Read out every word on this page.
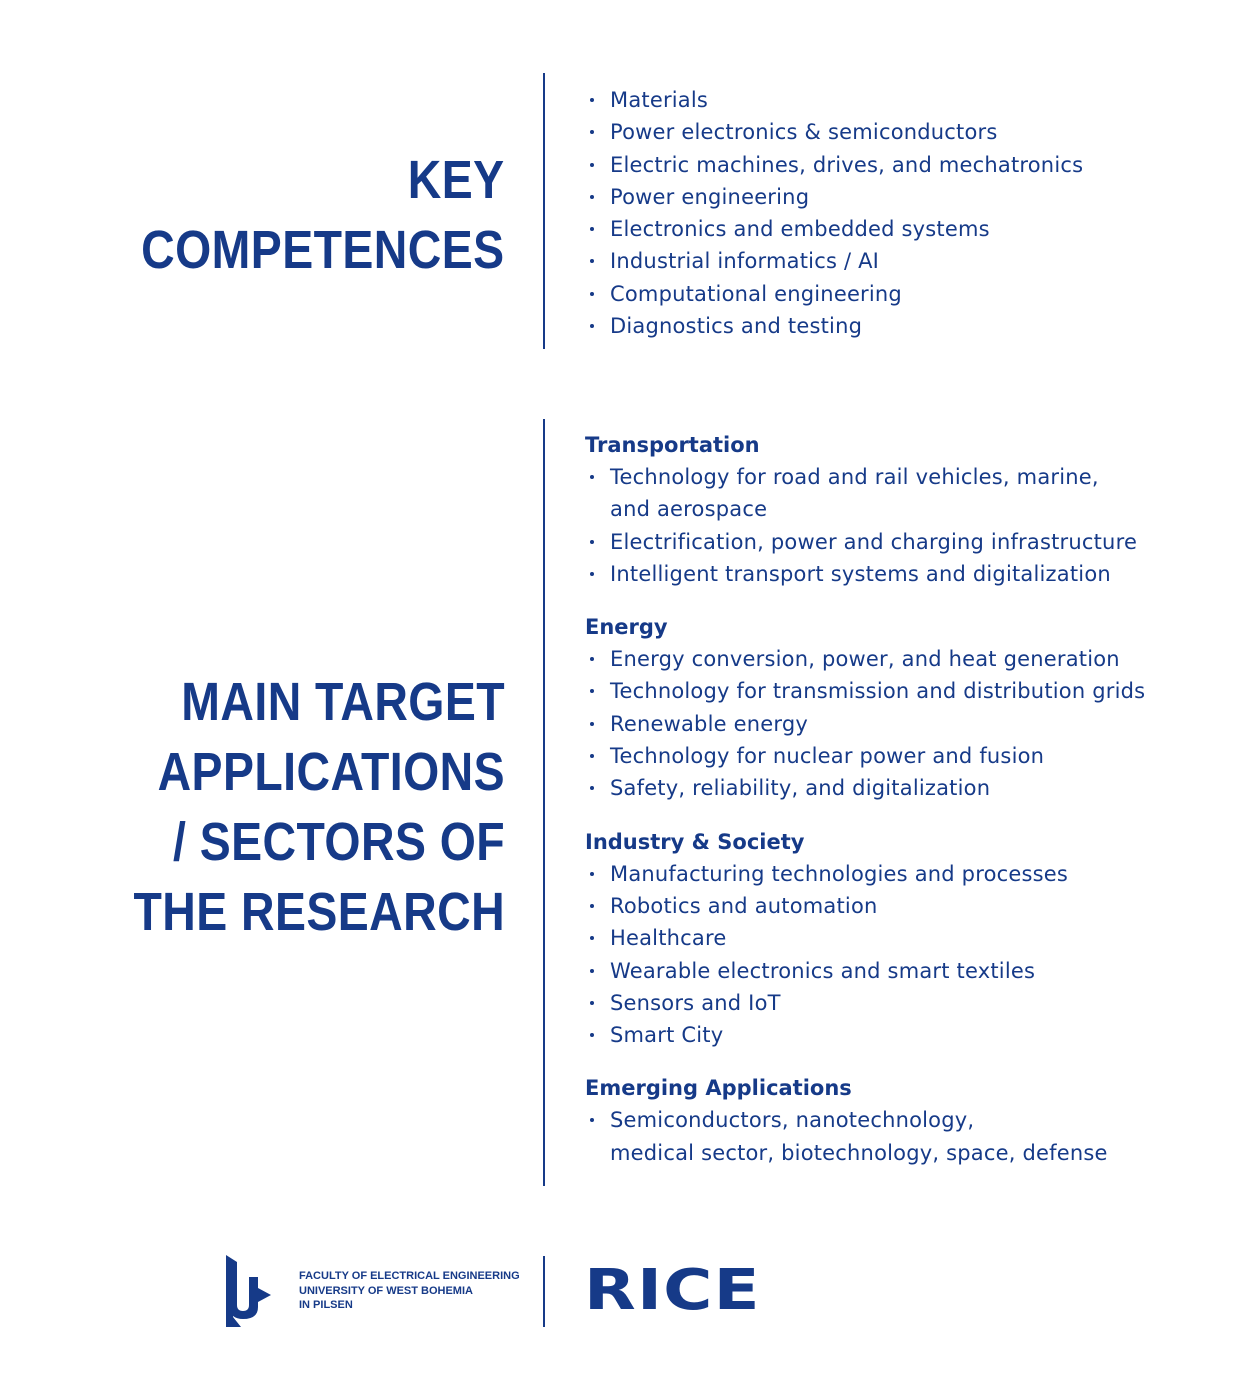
KEY
COMPETENCES
Materials
Power electronics & semiconductors
Electric machines, drives, and mechatronics
Power engineering
Electronics and embedded systems
Industrial informatics / AI
Computational engineering
Diagnostics and testing
MAIN TARGET
APPLICATIONS
/ SECTORS OF
THE RESEARCH
Transportation
Technology for road and rail vehicles, marine,
and aerospace
Electrification, power and charging infrastructure
Intelligent transport systems and digitalization
Energy
Energy conversion, power, and heat generation
Technology for transmission and distribution grids
Renewable energy
Technology for nuclear power and fusion
Safety, reliability, and digitalization
Industry & Society
Manufacturing technologies and processes
Robotics and automation
Healthcare
Wearable electronics and smart textiles
Sensors and IoT
Smart City
Emerging Applications
Semiconductors, nanotechnology,
medical sector, biotechnology, space, defense

FACULTY OF ELECTRICAL ENGINEERING
UNIVERSITY OF WEST BOHEMIA
IN PILSEN	RICE
